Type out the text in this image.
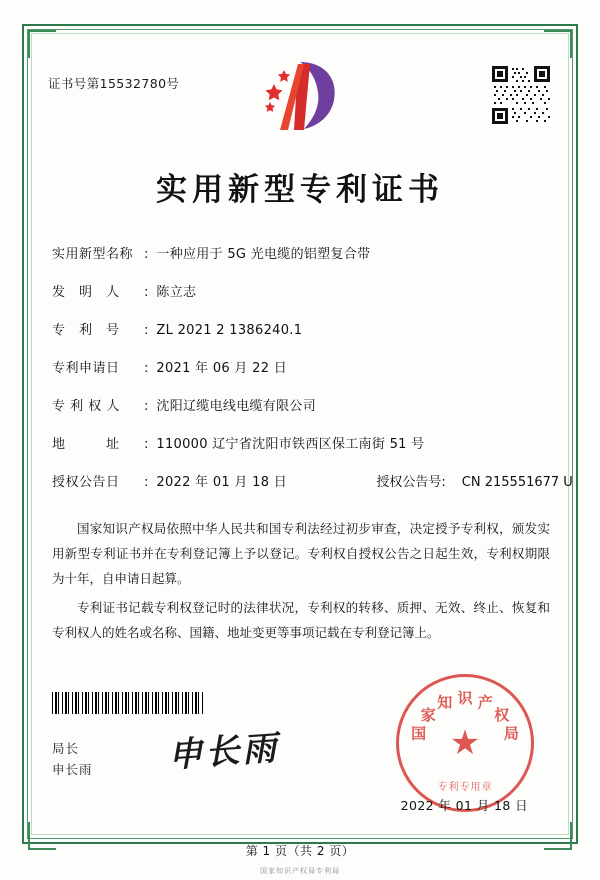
证书号第15532780号
实用新型专利证书
实用新型名称 : 一种应用于 5G 光电缆的铝塑复合带
发　明　人	: 陈立志
专　利　号	: ZL 2021 2 1386240.1
专利申请日	: 2021 年 06 月 22 日
专 利 权 人	: 沈阳辽缆电线电缆有限公司
地　　　址	: 110000 辽宁省沈阳市铁西区保工南街 51 号
授权公告日	: 2022 年 01 月 18 日	授权公告号 : CN 215551677 U

国家知识产权局依照中华人民共和国专利法经过初步审查，决定授予专利权，颁发实用新型专利证书并在专利登记簿上予以登记。专利权自授权公告之日起生效，专利权期限为十年，自申请日起算。

专利证书记载专利权登记时的法律状况，专利权的转移、质押、无效、终止、恢复和专利权人的姓名或名称、国籍、地址变更等事项记载在专利登记簿上。

局长
申长雨 申长雨	国
家
知 识 产
权
局
★
专利专用章
2022 年 01 月 18 日
第 1 页（共 2 页）
国家知识产权局专利局
